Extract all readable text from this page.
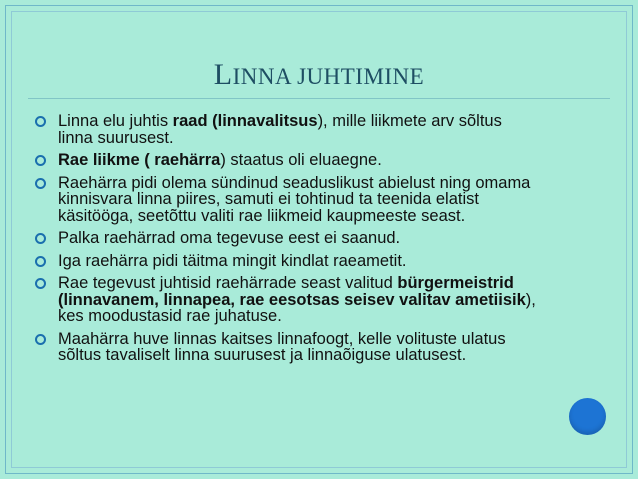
LINNA JUHTIMINE
Linna elu juhtis raad (linnavalitsus), mille liikmete arv sõltus linna suurusest.
Rae liikme ( raehärra) staatus oli eluaegne.
Raehärra pidi olema sündinud seaduslikust abielust ning omama kinnisvara linna piires, samuti ei tohtinud ta teenida elatist käsitööga, seetõttu valiti rae liikmeid kaupmeeste seast.
Palka raehärrad oma tegevuse eest ei saanud.
Iga raehärra pidi täitma mingit kindlat raeametit.
Rae tegevust juhtisid raehärrade seast valitud bürgermeistrid (linnavanem, linnapea, rae eesotsas seisev valitav ametiisik), kes moodustasid rae juhatuse.
Maahärra huve linnas kaitses linnafoogt, kelle volituste ulatus sõltus tavaliselt linna suurusest ja linnaõiguse ulatusest.
